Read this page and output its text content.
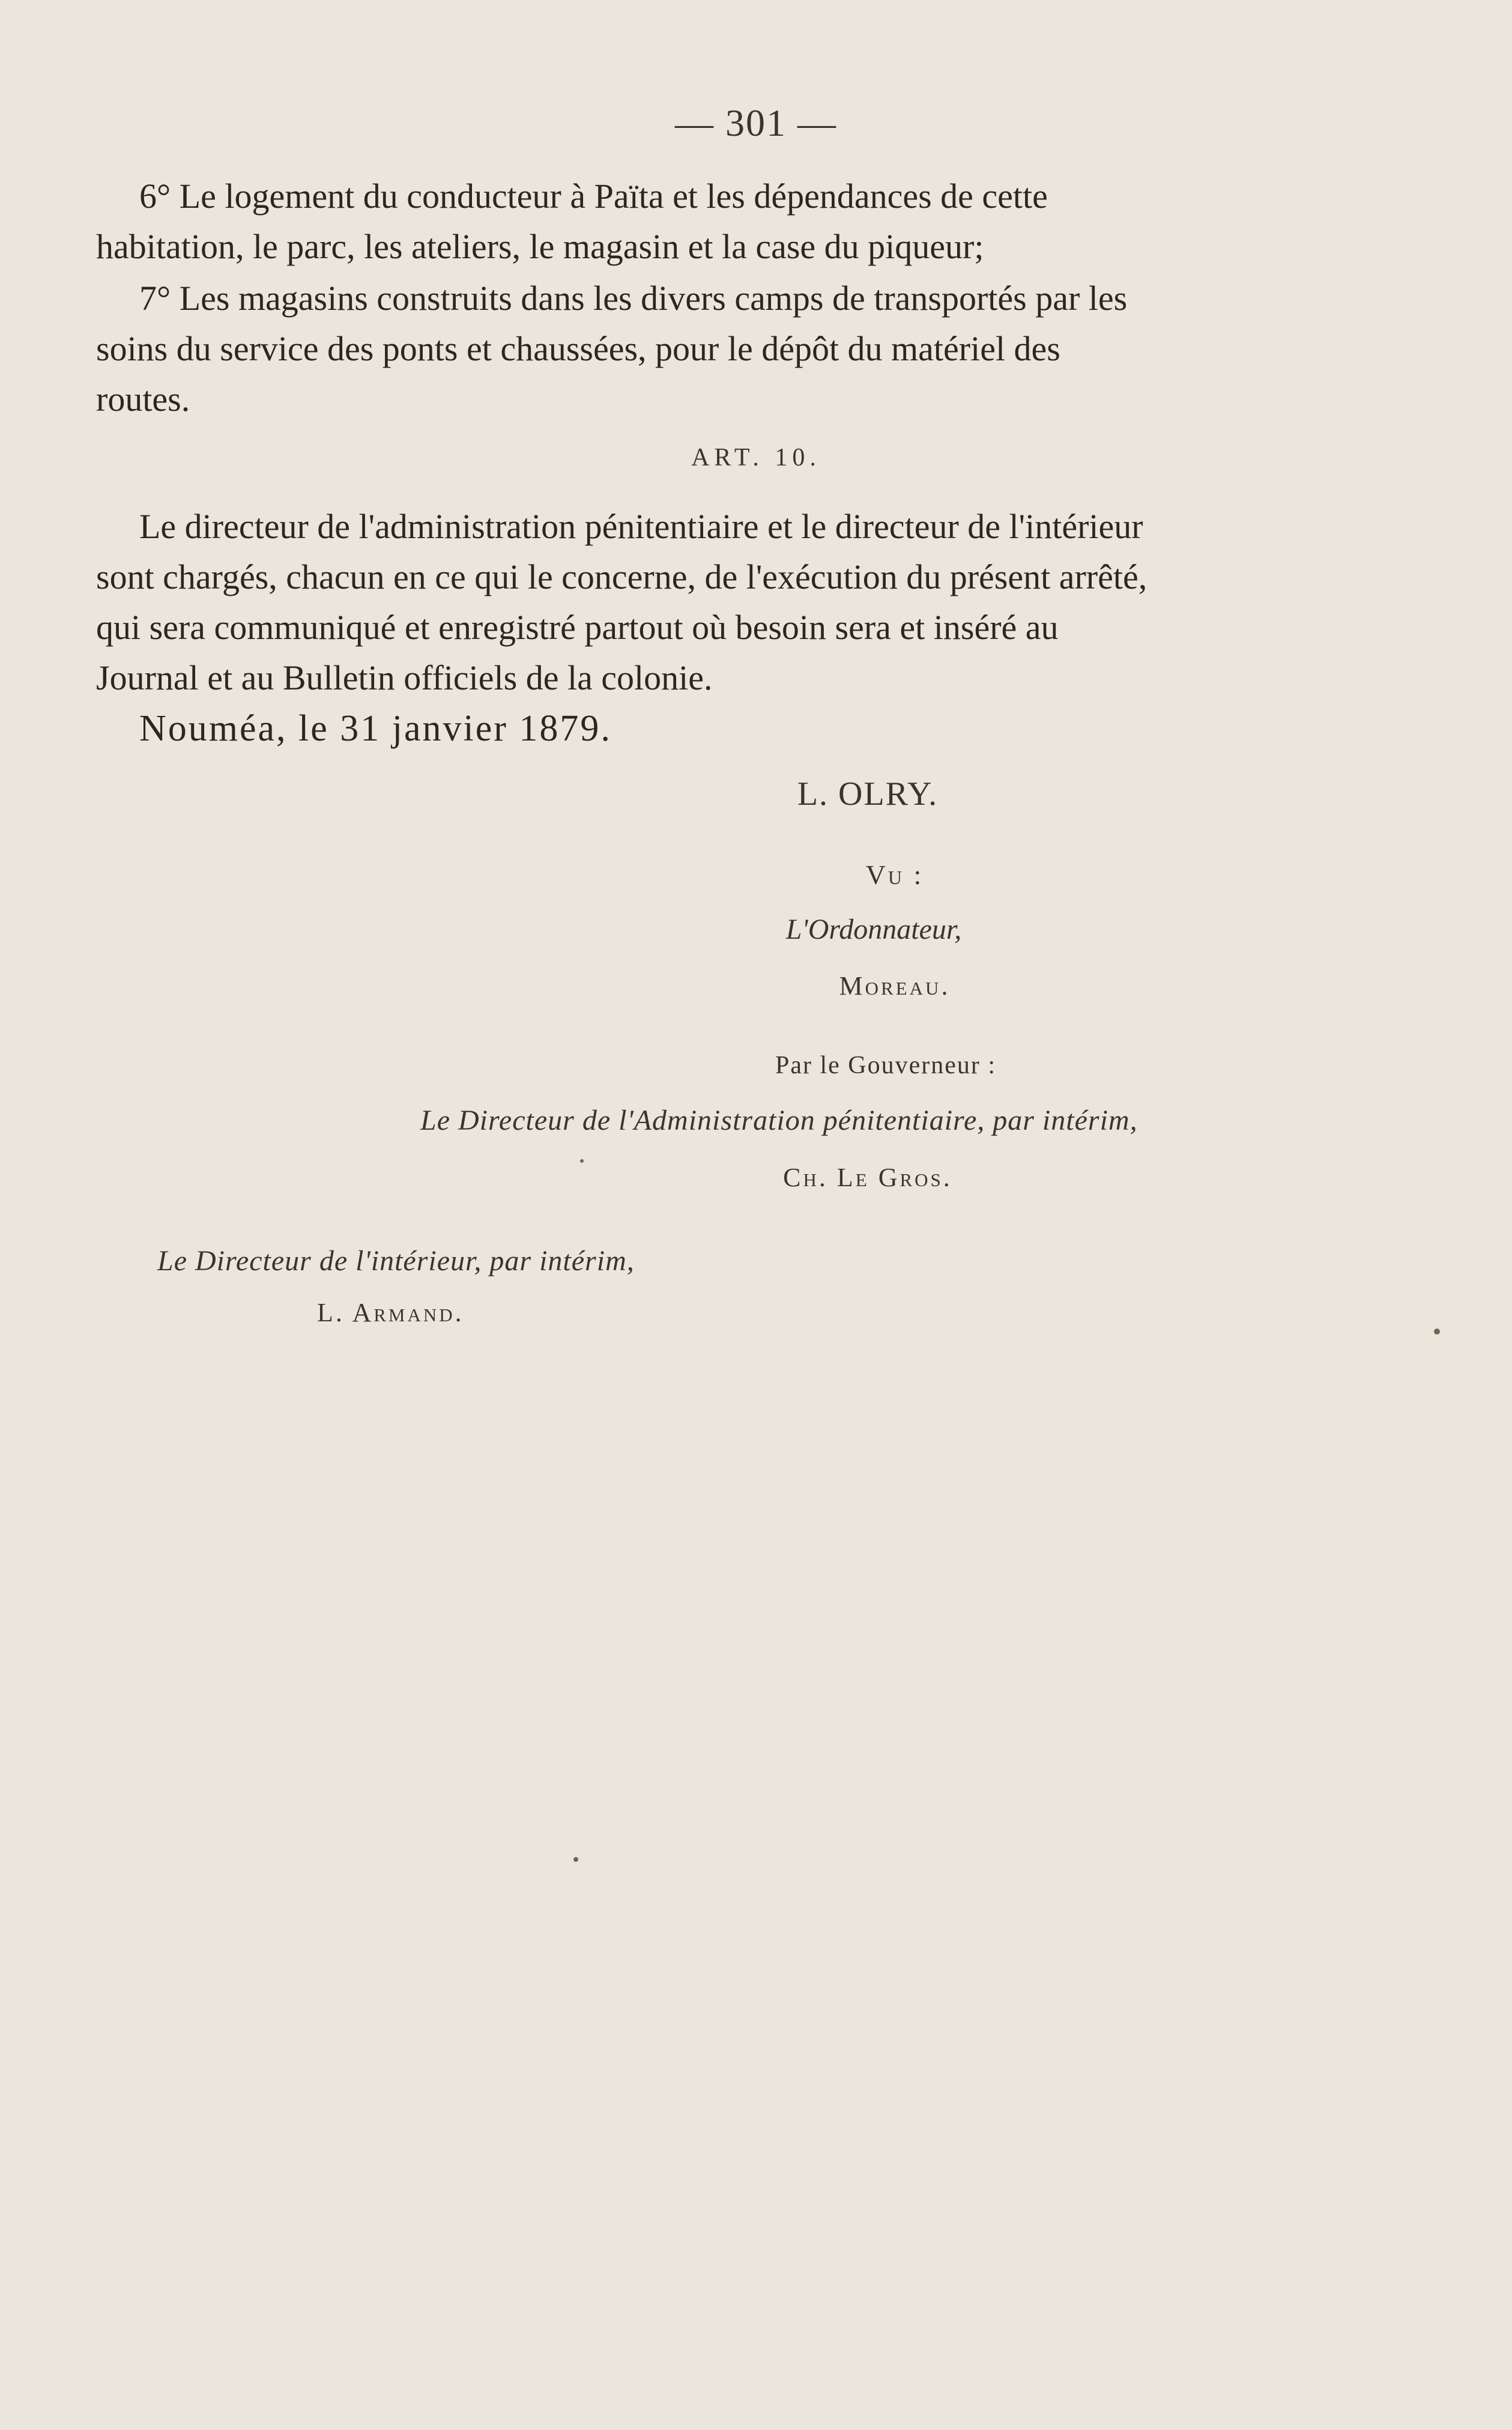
— 301 —
6° Le logement du conducteur à Païta et les dépendances de cette
habitation, le parc, les ateliers, le magasin et la case du piqueur;
7° Les magasins construits dans les divers camps de transportés par les
soins du service des ponts et chaussées, pour le dépôt du matériel des
routes.
ART. 10.
Le directeur de l'administration pénitentiaire et le directeur de l'intérieur
sont chargés, chacun en ce qui le concerne, de l'exécution du présent arrêté,
qui sera communiqué et enregistré partout où besoin sera et inséré au
Journal et au Bulletin officiels de la colonie.
Nouméa, le 31 janvier 1879.
L. OLRY.
Vu :
L'Ordonnateur,
Moreau.
Par le Gouverneur :
Le Directeur de l'Administration pénitentiaire, par intérim,
Ch. Le Gros.
Le Directeur de l'intérieur, par intérim,
L. Armand.
